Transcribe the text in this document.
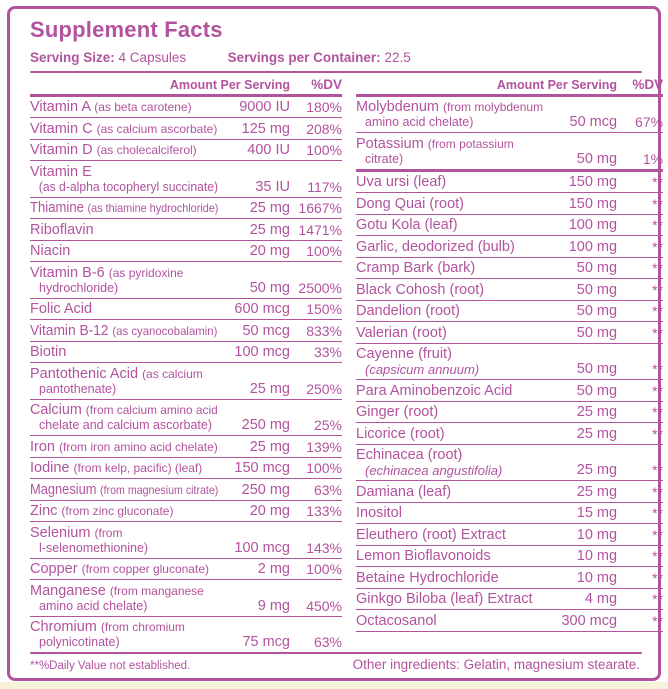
Supplement Facts
Serving Size: 4 Capsules	Servings per Container: 22.5
Amount Per Serving	%DV
Vitamin A (as beta carotene)	9000 IU	180%
Vitamin C (as calcium ascorbate)	125 mg	208%
Vitamin D (as cholecalciferol)	400 IU	100%
Vitamin E
(as d-alpha tocopheryl succinate)	35 IU	117%
Thiamine (as thiamine hydrochloride)	25 mg 1667%
Riboflavin	25 mg 1471%
Niacin	20 mg	100%
Vitamin B-6 (as pyridoxine
hydrochloride)	50 mg 2500%
Folic Acid	600 mcg	150%
Vitamin B-12 (as cyanocobalamin)	50 mcg	833%
Biotin	100 mcg	33%
Pantothenic Acid (as calcium
pantothenate)	25 mg	250%
Calcium (from calcium amino acid
chelate and calcium ascorbate)	250 mg	25%
Iron (from iron amino acid chelate)	25 mg	139%
Iodine (from kelp, pacific) (leaf)	150 mcg	100%
Magnesium (from magnesium citrate)	250 mg	63%
Zinc (from zinc gluconate)	20 mg	133%
Selenium (from
l-selenomethionine)	100 mcg	143%
Copper (from copper gluconate)	2 mg	100%
Manganese (from manganese
amino acid chelate)	9 mg	450%
Chromium (from chromium
polynicotinate)	75 mcg	63%
Amount Per Serving	%DV
Molybdenum (from molybdenum
amino acid chelate)	50 mcg	67%
Potassium (from potassium
citrate)	50 mg	1%
Uva ursi (leaf)	150 mg	**
Dong Quai (root)	150 mg	**
Gotu Kola (leaf)	100 mg	**
Garlic, deodorized (bulb)	100 mg	**
Cramp Bark (bark)	50 mg	**
Black Cohosh (root)	50 mg	**
Dandelion (root)	50 mg	**
Valerian (root)	50 mg	**
Cayenne (fruit)
(capsicum annuum)	50 mg	**
Para Aminobenzoic Acid	50 mg	**
Ginger (root)	25 mg	**
Licorice (root)	25 mg	**
Echinacea (root)
(echinacea angustifolia)	25 mg	**
Damiana (leaf)	25 mg	**
Inositol	15 mg	**
Eleuthero (root) Extract	10 mg	**
Lemon Bioflavonoids	10 mg	**
Betaine Hydrochloride	10 mg	**
Ginkgo Biloba (leaf) Extract	4 mg	**
Octacosanol	300 mcg	**
**%Daily Value not established.	Other ingredients: Gelatin, magnesium stearate.
